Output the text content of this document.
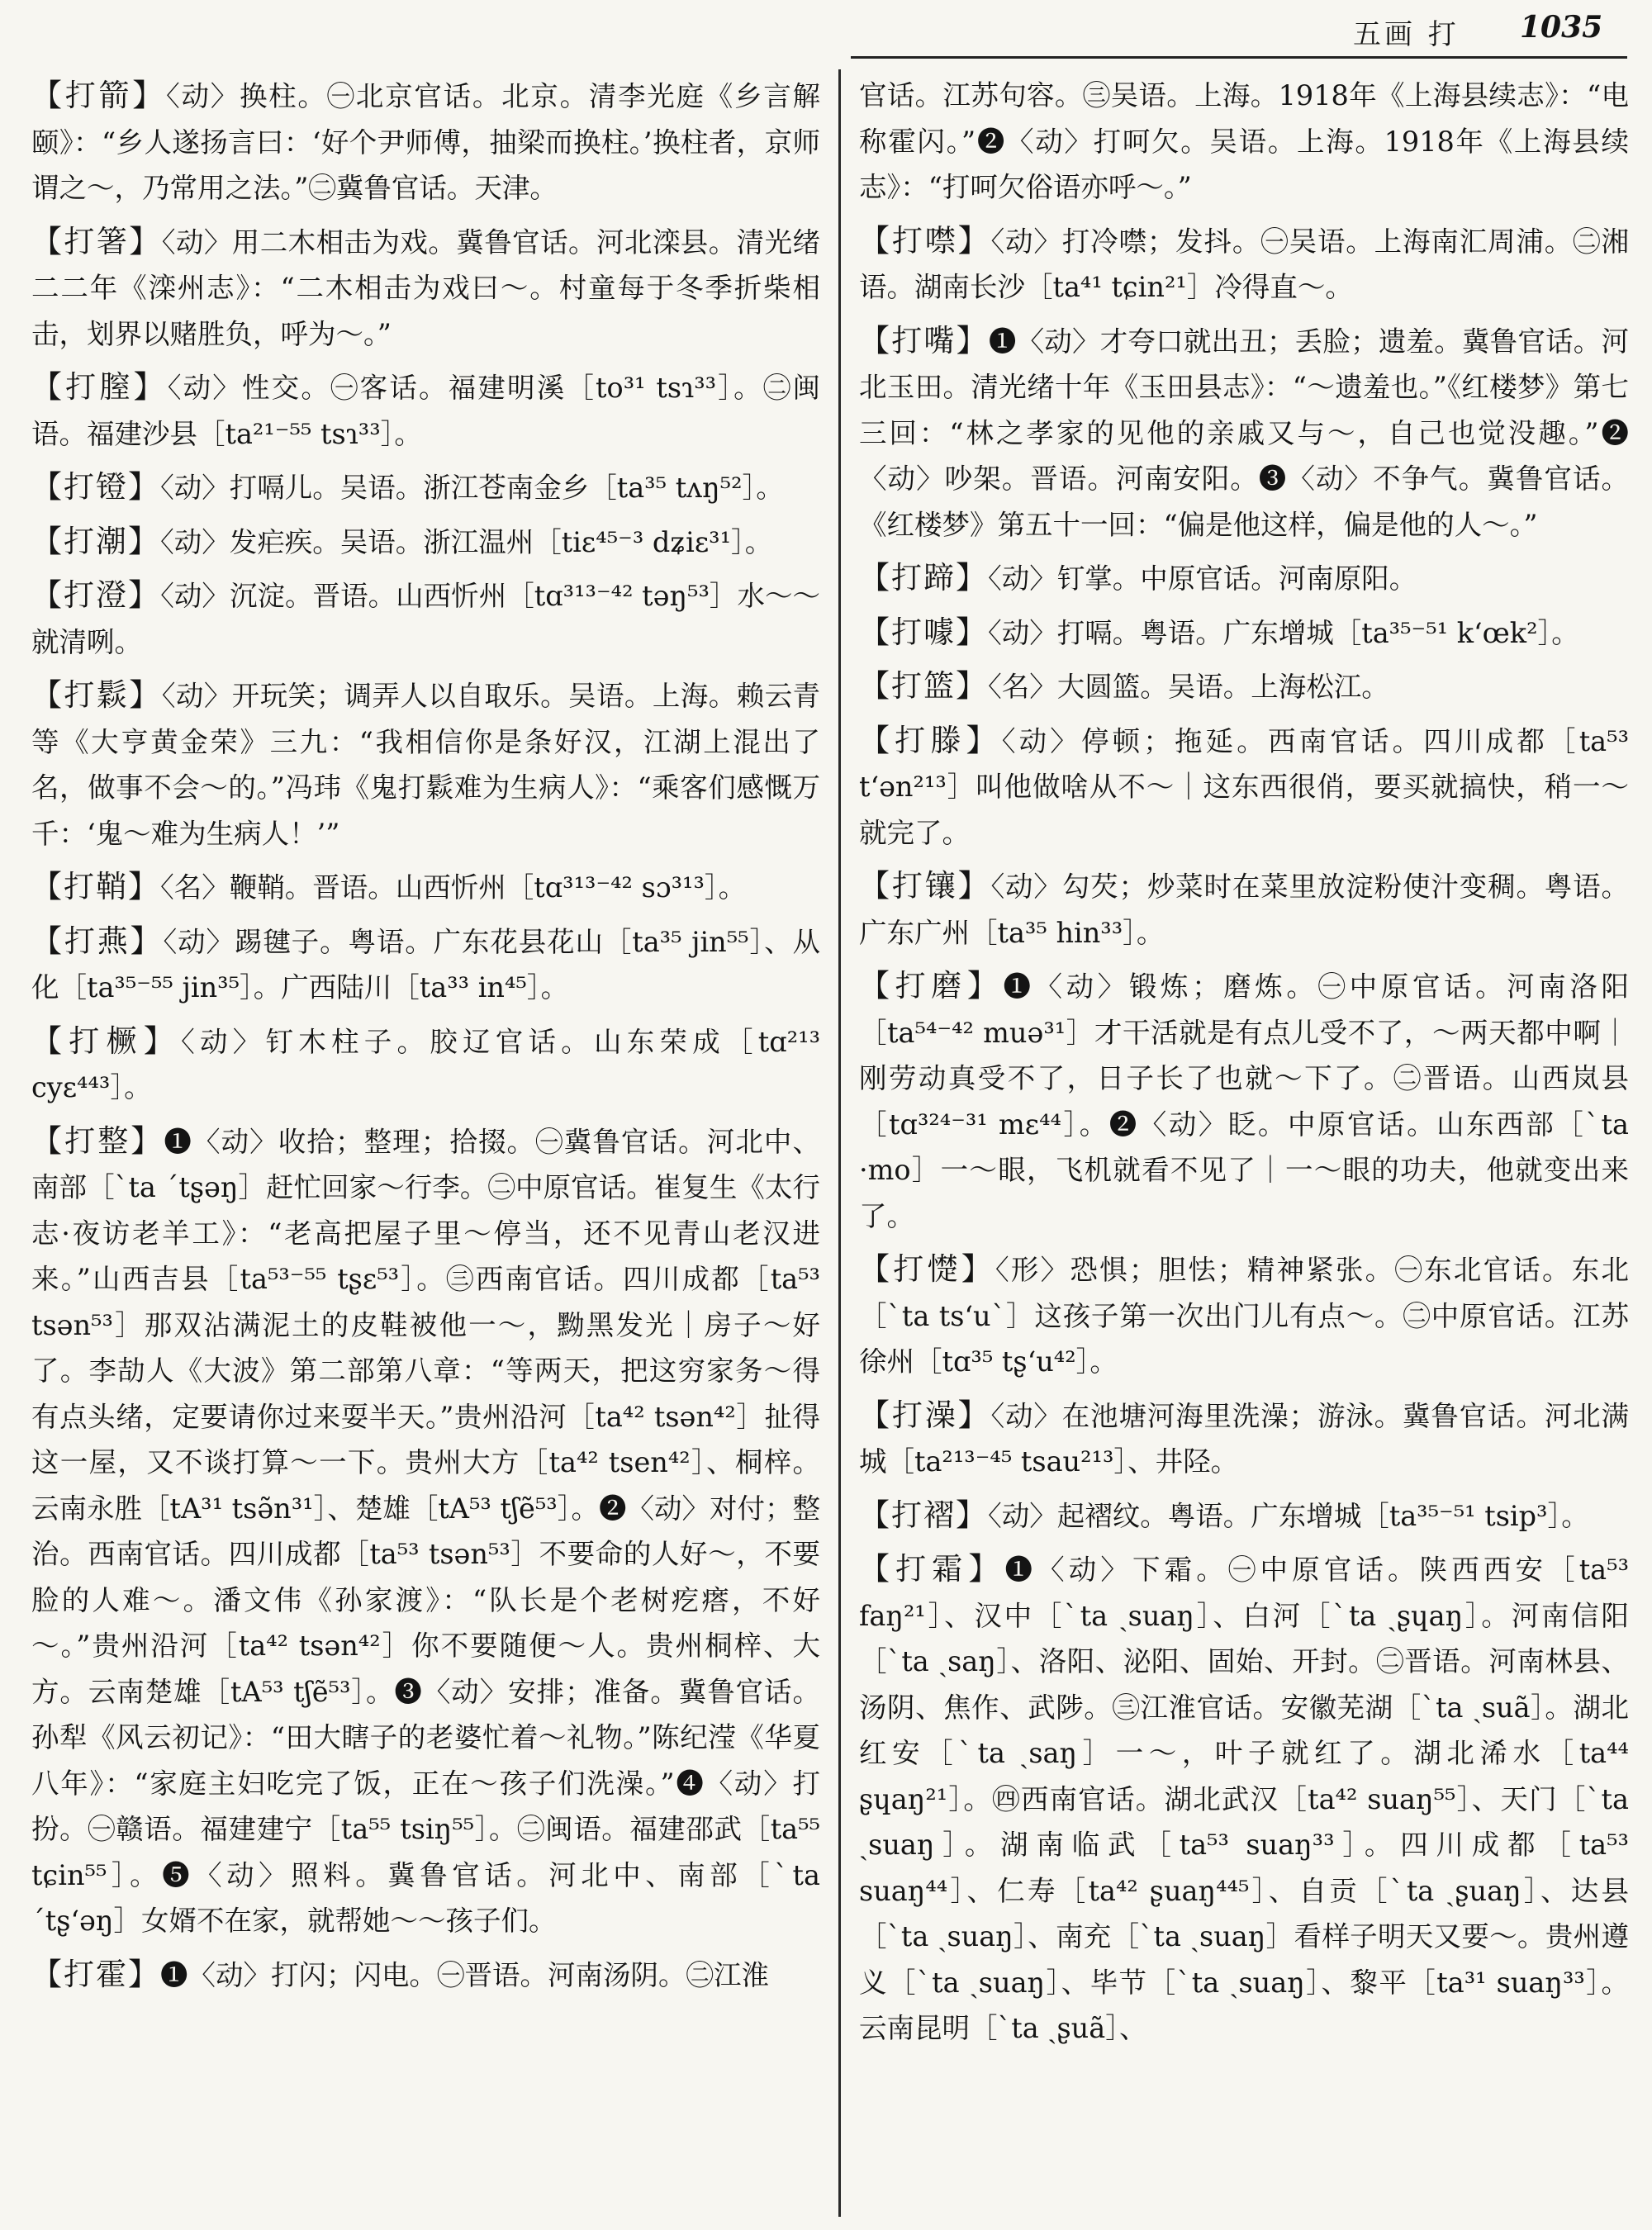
五画 打 1035
【打箭】〈动〉换柱。㊀北京官话。北京。清李光庭《乡言解颐》：“乡人遂扬言曰：‘好个尹师傅，抽梁而换柱。’换柱者，京师谓之～，乃常用之法。”㊁冀鲁官话。天津。
【打箸】〈动〉用二木相击为戏。冀鲁官话。河北滦县。清光绪二二年《滦州志》：“二木相击为戏曰～。村童每于冬季折柴相击，划界以赌胜负，呼为～。”
【打膣】〈动〉性交。㊀客话。福建明溪［to³¹ tsɿ³³］。㊁闽语。福建沙县［ta²¹⁻⁵⁵ tsɿ³³］。
【打镫】〈动〉打嗝儿。吴语。浙江苍南金乡［ta³⁵ tʌŋ⁵²］。
【打潮】〈动〉发疟疾。吴语。浙江温州［tiɛ⁴⁵⁻³ dʑiɛ³¹］。
【打澄】〈动〉沉淀。晋语。山西忻州［tɑ³¹³⁻⁴² təŋ⁵³］水～～就清咧。
【打鬏】〈动〉开玩笑；调弄人以自取乐。吴语。上海。赖云青等《大亨黄金荣》三九：“我相信你是条好汉，江湖上混出了名，做事不会～的。”冯玮《鬼打鬏难为生病人》：“乘客们感慨万千：‘鬼～难为生病人！’”
【打鞘】〈名〉鞭鞘。晋语。山西忻州［tɑ³¹³⁻⁴² sɔ³¹³］。
【打燕】〈动〉踢毽子。粤语。广东花县花山［ta³⁵ jin⁵⁵］、从化［ta³⁵⁻⁵⁵ jin³⁵］。广西陆川［ta³³ in⁴⁵］。
【打橛】〈动〉钉木柱子。胶辽官话。山东荣成［tɑ²¹³ cyɛ⁴⁴³］。
【打整】❶〈动〉收拾；整理；拾掇。㊀冀鲁官话。河北中、南部［ˋta ˊtʂəŋ］赶忙回家～行李。㊁中原官话。崔复生《太行志·夜访老羊工》：“老高把屋子里～停当，还不见青山老汉进来。”山西吉县［ta⁵³⁻⁵⁵ tʂɛ⁵³］。㊂西南官话。四川成都［ta⁵³ tsən⁵³］那双沾满泥土的皮鞋被他一～，黝黑发光｜房子～好了。李劼人《大波》第二部第八章：“等两天，把这穷家务～得有点头绪，定要请你过来耍半天。”贵州沿河［ta⁴² tsən⁴²］扯得这一屋，又不谈打算～一下。贵州大方［ta⁴² tsen⁴²］、桐梓。云南永胜［tA³¹ tsə̃n³¹］、楚雄［tA⁵³ tʃẽ⁵³］。❷〈动〉对付；整治。西南官话。四川成都［ta⁵³ tsən⁵³］不要命的人好～，不要脸的人难～。潘文伟《孙家渡》：“队长是个老树疙瘩，不好～。”贵州沿河［ta⁴² tsən⁴²］你不要随便～人。贵州桐梓、大方。云南楚雄［tA⁵³ tʃẽ⁵³］。❸〈动〉安排；准备。冀鲁官话。孙犁《风云初记》：“田大瞎子的老婆忙着～礼物。”陈纪滢《华夏八年》：“家庭主妇吃完了饭，正在～孩子们洗澡。”❹〈动〉打扮。㊀赣语。福建建宁［ta⁵⁵ tsiŋ⁵⁵］。㊁闽语。福建邵武［ta⁵⁵ tɕin⁵⁵］。❺〈动〉照料。冀鲁官话。河北中、南部［ˋta ˊtʂ‘əŋ］女婿不在家，就帮她～～孩子们。
【打霍】❶〈动〉打闪；闪电。㊀晋语。河南汤阴。㊁江淮
官话。江苏句容。㊂吴语。上海。1918年《上海县续志》：“电称霍闪。”❷〈动〉打呵欠。吴语。上海。1918年《上海县续志》：“打呵欠俗语亦呼～。”
【打噤】〈动〉打冷噤；发抖。㊀吴语。上海南汇周浦。㊁湘语。湖南长沙［ta⁴¹ tɕin²¹］冷得直～。
【打嘴】❶〈动〉才夸口就出丑；丢脸；遗羞。冀鲁官话。河北玉田。清光绪十年《玉田县志》：“～遗羞也。”《红楼梦》第七三回：“林之孝家的见他的亲戚又与～，自己也觉没趣。”❷〈动〉吵架。晋语。河南安阳。❸〈动〉不争气。冀鲁官话。《红楼梦》第五十一回：“偏是他这样，偏是他的人～。”
【打蹄】〈动〉钉掌。中原官话。河南原阳。
【打噱】〈动〉打嗝。粤语。广东增城［ta³⁵⁻⁵¹ k‘œk²］。
【打篮】〈名〉大圆篮。吴语。上海松江。
【打滕】〈动〉停顿；拖延。西南官话。四川成都［ta⁵³ t‘ən²¹³］叫他做啥从不～｜这东西很俏，要买就搞快，稍一～就完了。
【打镶】〈动〉勾芡；炒菜时在菜里放淀粉使汁变稠。粤语。广东广州［ta³⁵ hin³³］。
【打磨】❶〈动〉锻炼；磨炼。㊀中原官话。河南洛阳［ta⁵⁴⁻⁴² muə³¹］才干活就是有点儿受不了，～两天都中啊｜刚劳动真受不了，日子长了也就～下了。㊁晋语。山西岚县［tɑ³²⁴⁻³¹ mɛ⁴⁴］。❷〈动〉眨。中原官话。山东西部［ˋta ·mo］一～眼，飞机就看不见了｜一～眼的功夫，他就变出来了。
【打憷】〈形〉恐惧；胆怯；精神紧张。㊀东北官话。东北［ˋta ts‘uˋ］这孩子第一次出门儿有点～。㊁中原官话。江苏徐州［tɑ³⁵ tʂ‘u⁴²］。
【打澡】〈动〉在池塘河海里洗澡；游泳。冀鲁官话。河北满城［ta²¹³⁻⁴⁵ tsau²¹³］、井陉。
【打褶】〈动〉起褶纹。粤语。广东增城［ta³⁵⁻⁵¹ tsip³］。
【打霜】❶〈动〉下霜。㊀中原官话。陕西西安［ta⁵³ faŋ²¹］、汉中［ˋta ˎsuaŋ］、白河［ˋta ˎʂɥaŋ］。河南信阳［ˋta ˎsaŋ］、洛阳、泌阳、固始、开封。㊁晋语。河南林县、汤阴、焦作、武陟。㊂江淮官话。安徽芜湖［ˋta ˎsuã］。湖北红安［ˋta ˎsaŋ］一～，叶子就红了。湖北浠水［ta⁴⁴ ʂɥaŋ²¹］。㊃西南官话。湖北武汉［ta⁴² suaŋ⁵⁵］、天门［ˋta ˎsuaŋ］。湖南临武［ta⁵³ suaŋ³³］。四川成都［ta⁵³ suaŋ⁴⁴］、仁寿［ta⁴² ʂuaŋ⁴⁴⁵］、自贡［ˋta ˎʂuaŋ］、达县［ˋta ˎsuaŋ］、南充［ˋta ˎsuaŋ］看样子明天又要～。贵州遵义［ˋta ˎsuaŋ］、毕节［ˋta ˎsuaŋ］、黎平［ta³¹ suaŋ³³］。云南昆明［ˋta ˎʂuã］、
